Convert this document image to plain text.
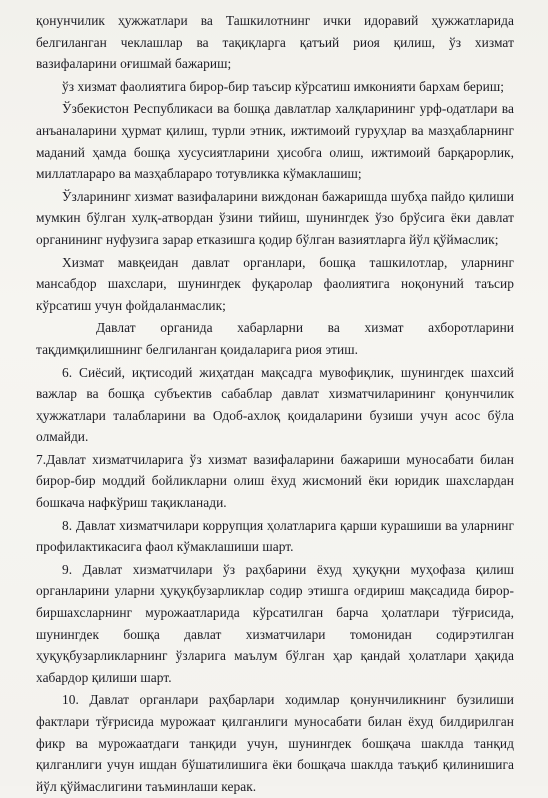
қонунчилик ҳужжатлари ва Ташкилотнинг ички идоравий ҳужжатларида белгиланган чеклашлар ва тақиқларга қатъий риоя қилиш, ўз хизмат вазифаларини оғишмай бажариш;

ўз хизмат фаолиятига бирор-бир таъсир кўрсатиш имконияти бархам бериш;

Ўзбекистон Республикаси ва бошқа давлатлар халқларининг урф-одатлари ва анъаналарини ҳурмат қилиш, турли этник, ижтимоий гуруҳлар ва мазҳабларнинг маданий ҳамда бошқа хусусиятларини ҳисобга олиш, ижтимоий барқарорлик, миллатлараро ва мазҳаблараро тотувликка кўмаклашиш;

Ўзларининг хизмат вазифаларини виждонан бажаришда шубҳа пайдо қилиши мумкин бўлган хулқ-атвордан ўзини тийиш, шунингдек ўзо брўсига ёки давлат органининг нуфузига зарар етказишга қодир бўлган вазиятларга йўл қўймаслик;

Хизмат мавқеидан давлат органлари, бошқа ташкилотлар, уларнинг мансабдор шахслари, шунингдек фуқаролар фаолиятига ноқонуний таъсир кўрсатиш учун фойдаланмаслик;

Давлат органида хабарларни ва хизмат ахборотларини тақдимқилишнинг белгиланган қоидаларига риоя этиш.

6. Сиёсий, иқтисодий жиҳатдан мақсадга мувофиқлик, шунингдек шахсий важлар ва бошқа субъектив сабаблар давлат хизматчиларининг қонунчилик ҳужжатлари талабларини ва Одоб-ахлоқ қоидаларини бузиши учун асос бўла олмайди.

7.Давлат хизматчиларига ўз хизмат вазифаларини бажариши муносабати билан бирор-бир моддий бойликларни олиш ёхуд жисмоний ёки юридик шахслардан бошкача нафкўриш тақикланади.

8. Давлат хизматчилари коррупция ҳолатларига қарши курашиши ва уларнинг профилактикасига фаол кўмаклашиши шарт.

9. Давлат хизматчилари ўз раҳбарини ёхуд ҳуқуқни муҳофаза қилиш органларини уларни ҳуқуқбузарликлар содир этишга оғдириш мақсадида бирор-биршахсларнинг мурожаатларида кўрсатилган барча ҳолатлари тўғрисида, шунингдек бошқа давлат хизматчилари томонидан содирэтилган ҳуқуқбузарликларнинг ўзларига маълум бўлган ҳар қандай ҳолатлари ҳақида хабардор қилиши шарт.

10. Давлат органлари раҳбарлари ходимлар қонунчиликнинг бузилиши фактлари тўғрисида мурожаат қилганлиги муносабати билан ёхуд билдирилган фикр ва мурожаатдаги танқиди учун, шунингдек бошқача шаклда танқид қилганлиги учун ишдан бўшатилишига ёки бошқача шаклда таъқиб қилинишига йўл қўймаслигини таъминлаши керак.
